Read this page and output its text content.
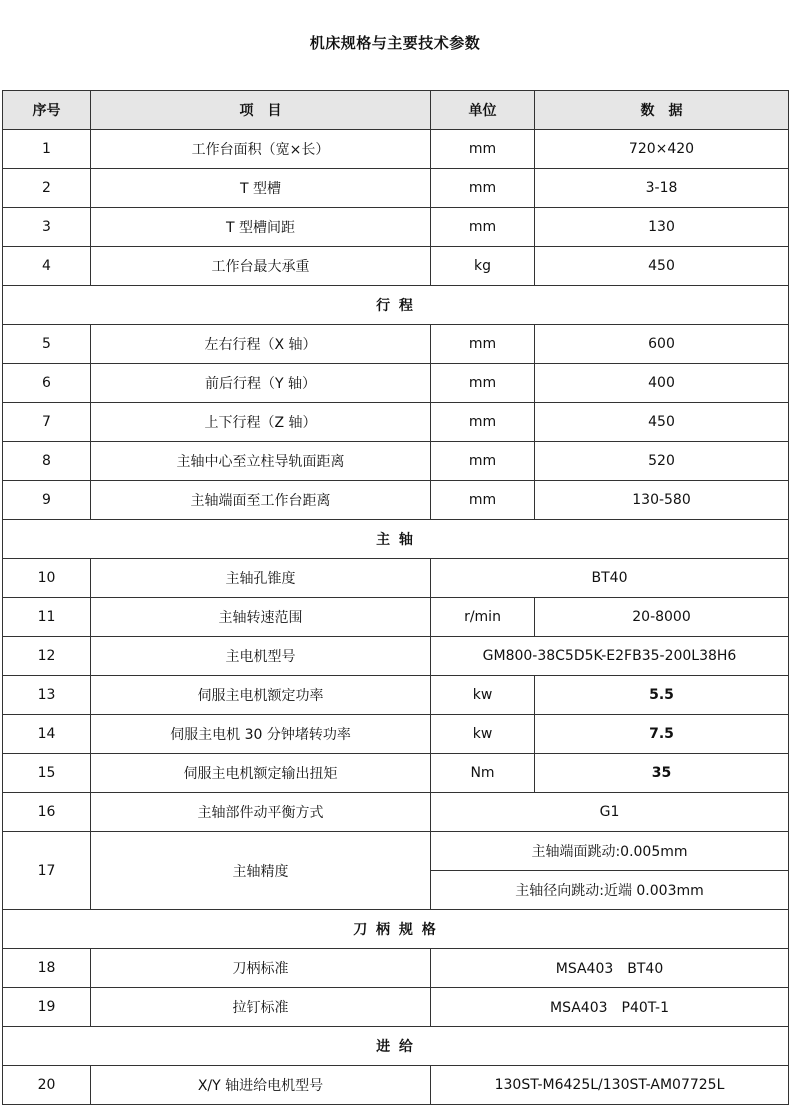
机床规格与主要技术参数
序号	项　目	单位	数　据
1	工作台面积（宽×长）	mm	720×420
2	T 型槽	mm	3-18
3	T 型槽间距	mm	130
4	工作台最大承重	kg	450
行 程			
5	左右行程（X 轴）	mm	600
6	前后行程（Y 轴）	mm	400
7	上下行程（Z 轴）	mm	450
8	主轴中心至立柱导轨面距离	mm	520
9	主轴端面至工作台距离	mm	130-580
主 轴			
10	主轴孔锥度	BT40	
11	主轴转速范围	r/min	20-8000
12	主电机型号	GM800-38C5D5K-E2FB35-200L38H6	
13	伺服主电机额定功率	kw	5.5
14	伺服主电机 30 分钟堵转功率	kw	7.5
15	伺服主电机额定输出扭矩	Nm	35
16	主轴部件动平衡方式	G1	
17	主轴精度	主轴端面跳动:0.005mm	
		主轴径向跳动:近端 0.003mm	
刀 柄 规 格			
18	刀柄标准	MSA403　BT40	
19	拉钉标准	MSA403　P40T-1	
进 给			
20	X/Y 轴进给电机型号	130ST-M6425L/130ST-AM07725L	
